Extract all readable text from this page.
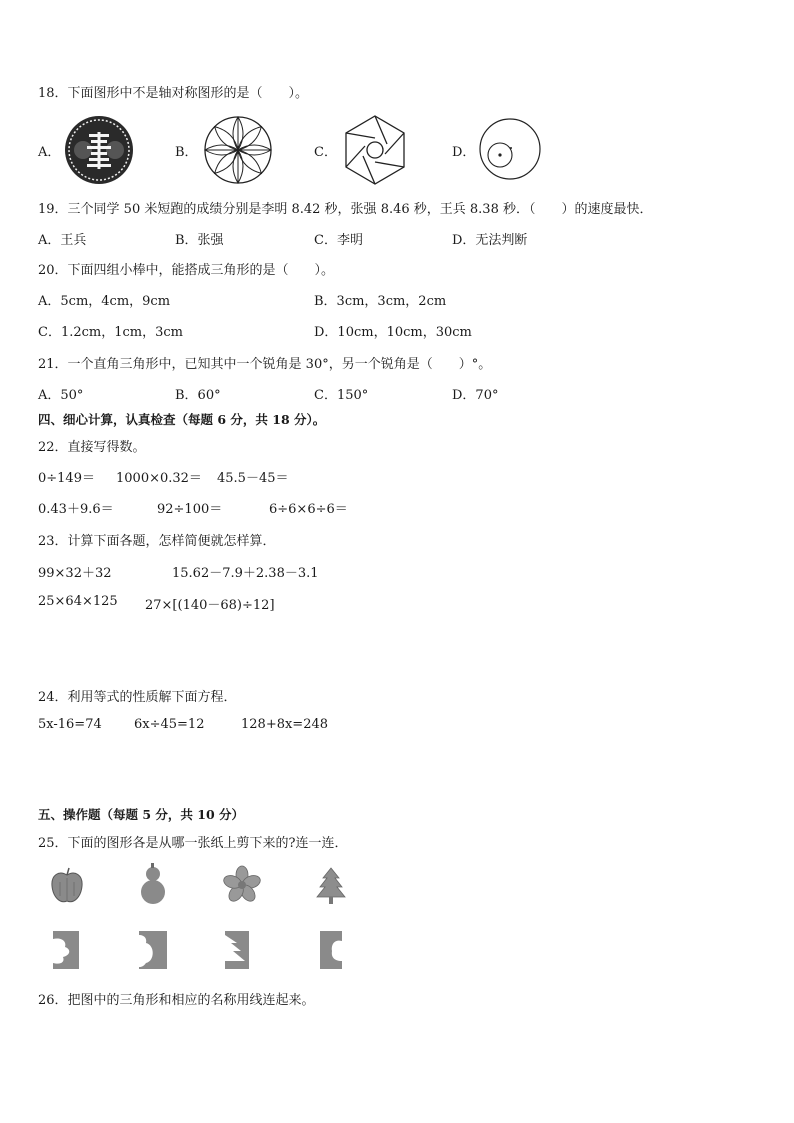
18．下面图形中不是轴对称图形的是（　　）。
A．	B．	C．	D．
19．三个同学 50 米短跑的成绩分别是李明 8.42 秒，张强 8.46 秒，王兵 8.38 秒．（　　）的速度最快．
A．王兵	B．张强	C．李明	D．无法判断
20．下面四组小棒中，能搭成三角形的是（　　）。
A．5cm，4cm，9cm	B．3cm，3cm，2cm
C．1.2cm，1cm，3cm	D．10cm，10cm，30cm
21．一个直角三角形中，已知其中一个锐角是 30°，另一个锐角是（　　）°。
A．50°	B．60°	C．150°	D．70°
四、细心计算，认真检查（每题 6 分，共 18 分）。
22．直接写得数。
0÷149＝ 1000×0.32＝ 45.5－45＝
0.43＋9.6＝	92÷100＝	6÷6×6÷6＝
23．计算下面各题，怎样简便就怎样算．
99×32＋32	15.62－7.9＋2.38－3.1
25×64×125 27×[(140－68)÷12]
24．利用等式的性质解下面方程．
5x-16=74 6x÷45=12	128+8x=248
五、操作题（每题 5 分，共 10 分）
25．下面的图形各是从哪一张纸上剪下来的?连一连．
26．把图中的三角形和相应的名称用线连起来。
